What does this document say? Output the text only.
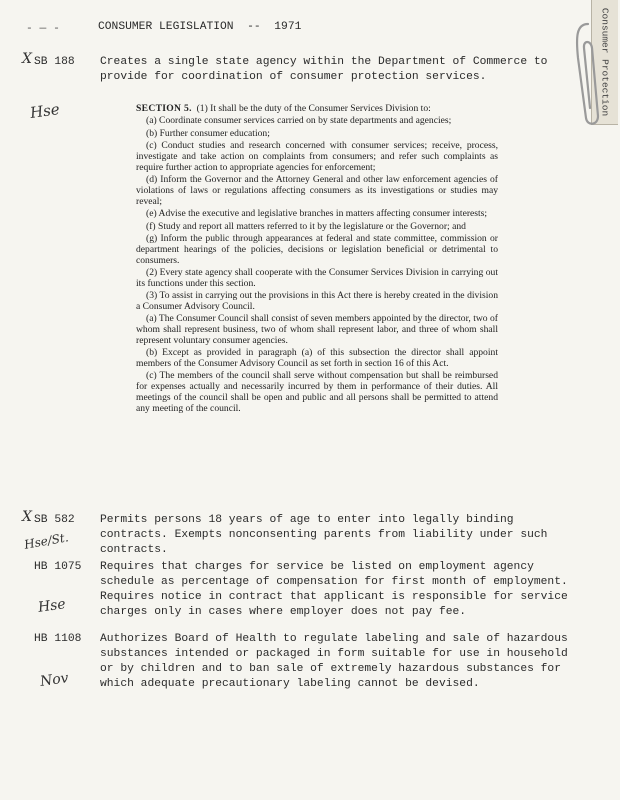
- — -	CONSUMER LEGISLATION  --  1971	Consumer Protection
X SB 188	Creates a single state agency within the Department of Commerce to provide for coordination of consumer protection services.
Hse	SECTION 5. (1) It shall be the duty of the Consumer Services Division to:

(a) Coordinate consumer services carried on by state departments and agencies;

(b) Further consumer education;

(c) Conduct studies and research concerned with consumer services; receive, process, investigate and take action on complaints from consumers; and refer such complaints as require further action to appropriate agencies for enforcement;

(d) Inform the Governor and the Attorney General and other law enforcement agencies of violations of laws or regulations affecting consumers as its investigations or studies may reveal;

(e) Advise the executive and legislative branches in matters affecting consumer interests;

(f) Study and report all matters referred to it by the legislature or the Governor; and

(g) Inform the public through appearances at federal and state committee, commission or department hearings of the policies, decisions or legislation beneficial or detrimental to consumers.

(2) Every state agency shall cooperate with the Consumer Services Division in carrying out its functions under this section.

(3) To assist in carrying out the provisions in this Act there is hereby created in the division a Consumer Advisory Council.

(a) The Consumer Council shall consist of seven members appointed by the director, two of whom shall represent business, two of whom shall represent labor, and three of whom shall represent voluntary consumer agencies.

(b) Except as provided in paragraph (a) of this subsection the director shall appoint members of the Consumer Advisory Council as set forth in section 16 of this Act.

(c) The members of the council shall serve without compensation but shall be reimbursed for expenses actually and necessarily incurred by them in performance of their duties. All meetings of the council shall be open and public and all persons shall be permitted to attend any meeting of the council.

X SB 582	Permits persons 18 years of age to enter into legally binding contracts. Exempts nonconsenting parents from liability under such contracts.
Hse/St.
HB 1075	Requires that charges for service be listed on employment agency schedule as percentage of compensation for first month of employment. Requires notice in contract that applicant is responsible for service charges only in cases where employer does not pay fee.
Hse
HB 1108	Authorizes Board of Health to regulate labeling and sale of hazardous substances intended or packaged in form suitable for use in household or by children and to ban sale of extremely hazardous substances for which adequate precautionary labeling cannot be devised.
Nov
